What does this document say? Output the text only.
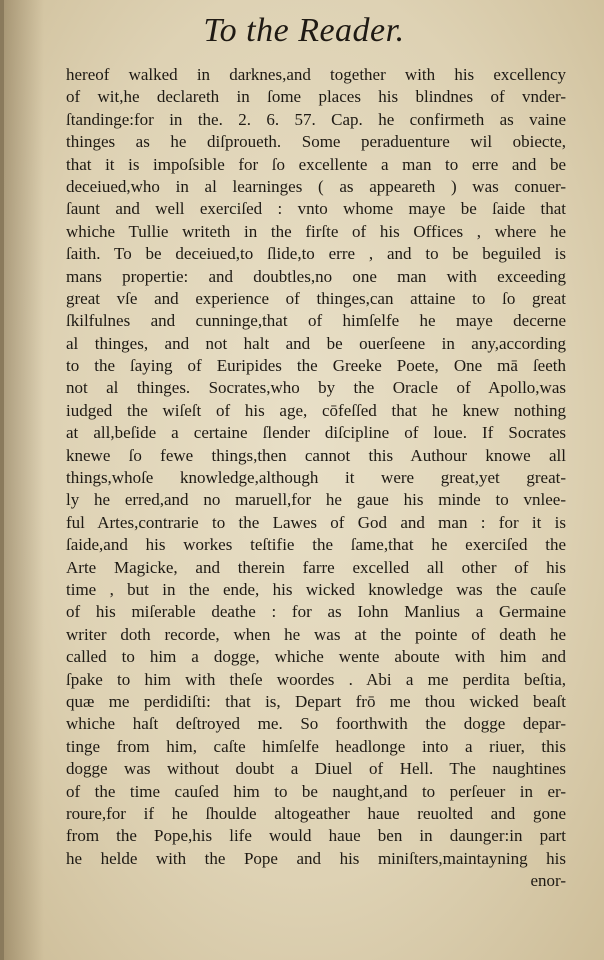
To the Reader.
hereof walked in darknes,and together with his excellency
of wit,he declareth in ſome places his blindnes of vnder-
ſtandinge:for in the. 2. 6. 57. Cap. he confirmeth as vaine
thinges as he diſprouеth. Some peraduenture wil obiecte,
that it is impoſsible for ſo excellente a man to erre and be
deceiued,who in al learninges ( as appeareth ) was conuer-
ſaunt and well exerciſed : vnto whome maye be ſaide that
whiche Tullie writeth in the firſte of his Offices , where he
ſaith. To be deceiued,to ſlide,to erre , and to be beguiled is
mans propertie: and doubtles,no one man with exceeding
great vſe and experience of thinges,can attaine to ſo great
ſkilfulnes and cunninge,that of himſelfe he maye decerne
al thinges, and not halt and be ouerſeene in any,according
to the ſaying of Euripides the Greeke Poete, One mā ſeeth
not al thinges. Socrates,who by the Oracle of Apollo,was
iudged the wiſeſt of his age, cōfeſſed that he knew nothing
at all,beſide a certaine ſlender diſcipline of loue. If Socrates
knewe ſo fewe things,then cannot this Authour knowe all
things,whoſe knowledge,although it were great,yet great-
ly he erred,and no maruell,for he gaue his minde to vnlee-
ful Artes,contrarie to the Lawes of God and man : for it is
ſaide,and his workes teſtifie the ſame,that he exerciſed the
Arte Magicke, and therein farre excelled all other of his
time , but in the ende, his wicked knowledge was the cauſe
of his miſerable deathe : for as Iohn Manlius a Germaine
writer doth recorde, when he was at the pointe of death he
called to him a dogge, whiche wente aboute with him and
ſpake to him with theſe woordes . Abi a me perdita beſtia,
quæ me perdidiſti: that is, Depart frō me thou wicked beaſt
whiche haſt deſtroyed me. So foorthwith the dogge depar-
tinge from him, caſte himſelfe headlonge into a riuer, this
dogge was without doubt a Diuel of Hell. The naughtines
of the time cauſed him to be naught,and to perſeuer in er-
roure,for if he ſhoulde altogeather haue reuolted and gone
from the Pope,his life would haue ben in daunger:in part
he helde with the Pope and his miniſters,maintayning his
enor-
